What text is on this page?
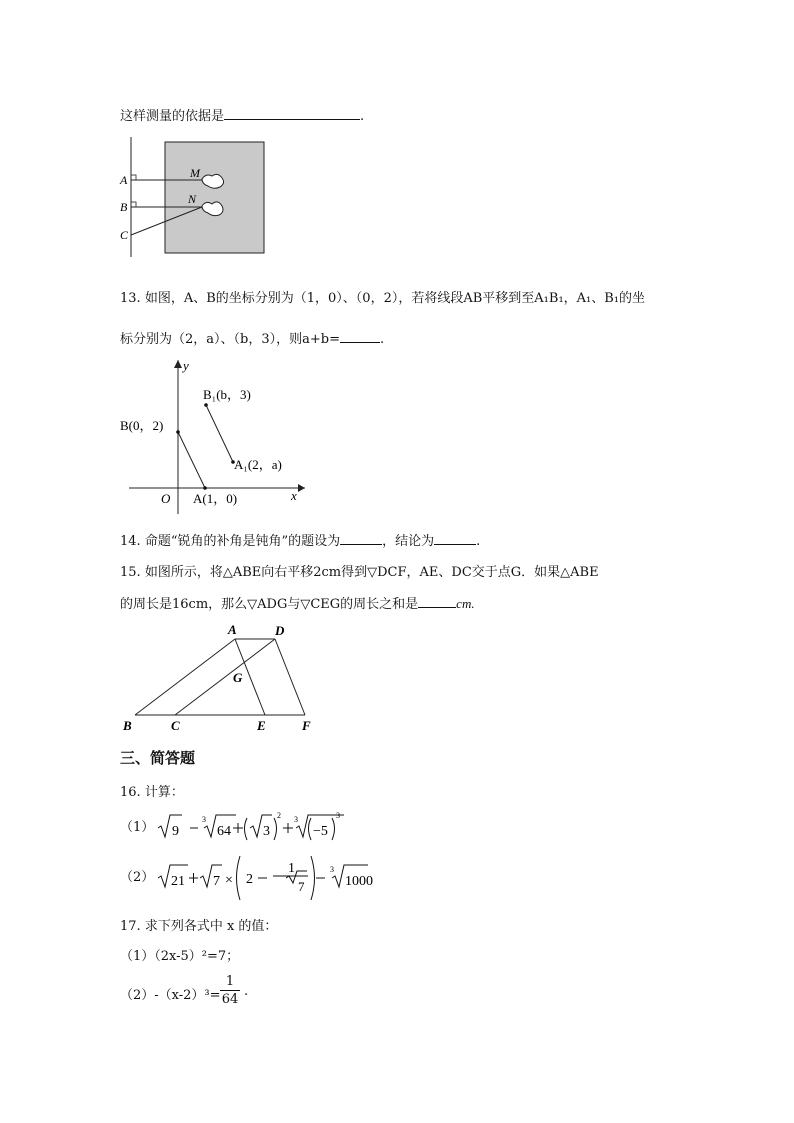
这样测量的依据是	.
A
B
C
M
N
13. 如图，A、B的坐标分别为（1，0）、（0，2），若将线段AB平移到至A₁B₁，A₁、B₁的坐
标分别为（2，a）、（b，3），则a+b=	.
y
x
O
B(0，2)
A(1，0)
B₁(b，3)
A₁(2，a)
14. 命题“锐角的补角是钝角”的题设为	，结论为	.
15. 如图所示，将△ABE向右平移2cm得到▽DCF，AE、DC交于点G．如果△ABE
的周长是16cm，那么▽ADG与▽CEG的周长之和是	cm.
A	D
G
B	C	E	F
三、简答题
16. 计算：
（1） 9
3
64 3
2 3
−5
3
（2） 21 7 × 2
1
7
3
1000
17. 求下列各式中 x 的值：
（1）（2x-5）²=7；
$(2)-(x-2)^3= \frac{1}{64}$ .
